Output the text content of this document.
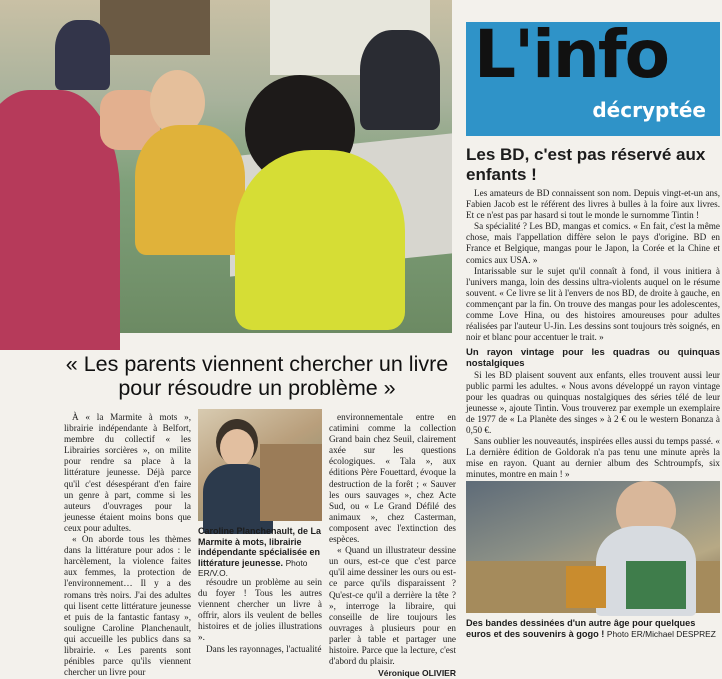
L'info
décryptée
Les BD, c'est pas réservé aux enfants !

Les amateurs de BD connaissent son nom. Depuis vingt-et-un ans, Fabien Jacob est le référent des livres à bulles à la foire aux livres. Et ce n'est pas par hasard si tout le monde le surnomme Tintin !

Sa spécialité ? Les BD, mangas et comics. « En fait, c'est la même chose, mais l'appellation diffère selon le pays d'origine. BD en France et Belgique, mangas pour le Japon, la Corée et la Chine et comics aux USA. »

Intarissable sur le sujet qu'il connaît à fond, il vous initiera à l'univers manga, loin des dessins ultra-violents auquel on le résume souvent. « Ce livre se lit à l'envers de nos BD, de droite à gauche, en commençant par la fin. On trouve des mangas pour les adolescentes, comme Love Hina, ou des histoires amoureuses pour adultes réalisées par l'auteur U-Jin. Les dessins sont toujours très soignés, en noir et blanc pour accentuer le trait. »

Un rayon vintage pour les quadras ou quinquas nostalgiques

Si les BD plaisent souvent aux enfants, elles trouvent aussi leur public parmi les adultes. « Nous avons développé un rayon vintage pour les quadras ou quinquas nostalgiques des séries télé de leur jeunesse », ajoute Tintin. Vous trouverez par exemple un exemplaire de 1977 de « La Planète des singes » à 2 € ou le western Bonanza à 0,50 €.

Sans oublier les nouveautés, inspirées elles aussi du temps passé. « La dernière édition de Goldorak n'a pas tenu une minute après la mise en rayon. Quant au dernier album des Schtroumpfs, six minutes, montre en main ! »

Des bandes dessinées d'un autre âge pour quelques euros et des souvenirs à gogo ! Photo ER/Michael DESPREZ
« Les parents viennent chercher un livre pour résoudre un problème »

À « la Marmite à mots », librairie indépendante à Belfort, membre du collectif « les Librairies sorcières », on milite pour rendre sa place à la littérature jeunesse. Déjà parce qu'il c'est désespérant d'en faire un genre à part, comme si les auteurs d'ouvrages pour la jeunesse étaient moins bons que ceux pour adultes.

« On aborde tous les thèmes dans la littérature pour ados : le harcèlement, la violence faites aux femmes, la protection de l'environnement… Il y a des romans très noirs. J'ai des adultes qui lisent cette littérature jeunesse et puis de la fantastic fantasy », souligne Caroline Planchenault, qui accueille les publics dans sa librairie. « Les parents sont pénibles parce qu'ils viennent chercher un livre pour

Caroline Planchenault, de La Marmite à mots, librairie indépendante spécialisée en littérature jeunesse. Photo ER/V.O.

résoudre un problème au sein du foyer ! Tous les autres viennent chercher un livre à offrir, alors ils veulent de belles histoires et de jolies illustrations ».

Dans les rayonnages, l'actualité

environnementale entre en catimini comme la collection Grand bain chez Seuil, clairement axée sur les questions écologiques. « Tala », aux éditions Père Fouettard, évoque la destruction de la forêt ; « Sauver les ours sauvages », chez Acte Sud, ou « Le Grand Défilé des animaux », chez Casterman, composent avec l'extinction des espèces.

« Quand un illustrateur dessine un ours, est-ce que c'est parce qu'il aime dessiner les ours ou est-ce parce qu'ils disparaissent ? Qu'est-ce qu'il a derrière la tête ? », interroge la libraire, qui conseille de lire toujours les ouvrages à plusieurs pour en parler à table et partager une histoire. Parce que la lecture, c'est d'abord du plaisir.

Véronique OLIVIER
